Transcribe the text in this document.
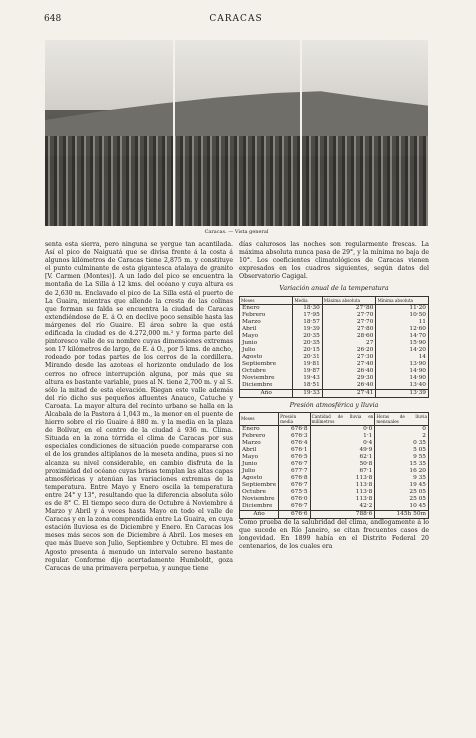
648	CARACAS
Caracas. — Vista general

senta esta sierra, pero ninguna se yergue tan acantilada. Así el pico de Naiguatá que se divisa frente á la costa á algunos kilómetros de Caracas tiene 2,875 m. y constituye el punto culminante de esta gigantesca atalaya de granito [V. Carmen (Montes)]. A un lado del pico se encuentra la montaña de La Silla á 12 kms. del océano y cuya altura es de 2,630 m. Enclavado el pico de La Silla está el puerto de La Guaira, mientras que allende la cresta de las colinas que forman su falda se encuentra la ciudad de Caracas extendiéndose de E. á O. en declive poco sensible hasta las márgenes del río Guaire. El área sobre la que está edificada la ciudad es de 4.272,000 m.² y forma parte del pintoresco valle de su nombre cuyas dimensiones extremas son 17 kilómetros de largo, de E. á O., por 5 kms. de ancho, rodeado por todas partes de los cerros de la cordillera. Mirando desde las azoteas el horizonte ondulado de los cerros no ofrece interrupción alguna, por más que su altura es bastante variable, pues al N. tiene 2,700 m. y al S. sólo la mitad de esta elevación. Riegan este valle además del río dicho sus pequeños afluentes Anauco, Catuche y Caroata. La mayor altura del recinto urbano se halla en la Alcabala de la Pastora á 1,043 m., la menor en el puente de hierro sobre el río Guaire á 880 m. y la media en la plaza de Bolívar, en el centro de la ciudad á 936 m. Clima. Situada en la zona tórrida el clima de Caracas por sus especiales condiciones de situación puede compararse con el de los grandes altiplanos de la meseta andina, pues si no alcanza su nivel considerable, en cambio disfruta de la proximidad del océano cuyas brisas templan las altas capas atmosféricas y atenúan las variaciones extremas de la temperatura. Entre Mayo y Enero oscila la temperatura entre 24° y 13°, resultando que la diferencia absoluta sólo es de 8° C. El tiempo seco dura de Octubre á Noviembre á Marzo y Abril y á veces hasta Mayo en todo el valle de Caracas y en la zona comprendida entre La Guaira, en cuya estación lluviosa es de Diciembre y Enero. En Caracas los meses más secos son de Diciembre á Abril. Los meses en que más llueve son Julio, Septiembre y Octubre. El mes de Agosto presenta á menudo un intervalo sereno bastante regular. Conforme dijo acertadamente Humboldt, goza Caracas de una primavera perpetua, y aunque tiene

días calurosos las noches son regularmente frescas. La máxima absoluta nunca pasa de 29°, y la mínima no baja de 10°. Los coeficientes climatológicos de Caracas vienen expresados en los cuadros siguientes, según datos del Observatorio Cagigal.

Variación anual de la temperatura
Meses	Media	Máxima absoluta	Mínima absoluta
Enero	18·30	27°80	11·20
Febrero	17·95	27·70	10·50
Marzo	18·57	27·70	11
Abril	19·39	27·80	12·60
Mayo	20·35	28·60	14·70
Junio	20·35	27	15·90
Julio	20·15	26·20	14·20
Agosto	20·31	27·30	14
Septiembre	19·81	27·40	13·90
Octubre	19·87	26·40	14·90
Noviembre	19·43	29·30	14·90
Diciembre	18·51	26·40	13·40
Año	19·33	27·41	13·39
Presión atmosférica y lluvia
Meses	Presión media	Cantidad de lluvia en milímetros	Horas de lluvia mensuales
Enero	676·8	0·0	0
Febrero	676·3	1·1	2
Marzo	676·4	0·4	0 35
Abril	676·1	49·9	5 05
Mayo	676·5	62·1	9 55
Junio	676·7	50·8	15 35
Julio	677·7	67·1	16 20
Agosto	676·8	113·8	9 35
Septiembre	676·7	113·8	19 45
Octubre	675·5	113·8	25 05
Noviembre	676·0	113·8	25 05
Diciembre	676·7	42·2	10 45
Año	676·6	788·6	145h 50m

Como prueba de la salubridad del clima, andlogamente á lo que sucede en Río Janeiro, se citan frecuentes casos de longevidad. En 1899 había en el Distrito Federal 20 centenarios, de los cuales era
